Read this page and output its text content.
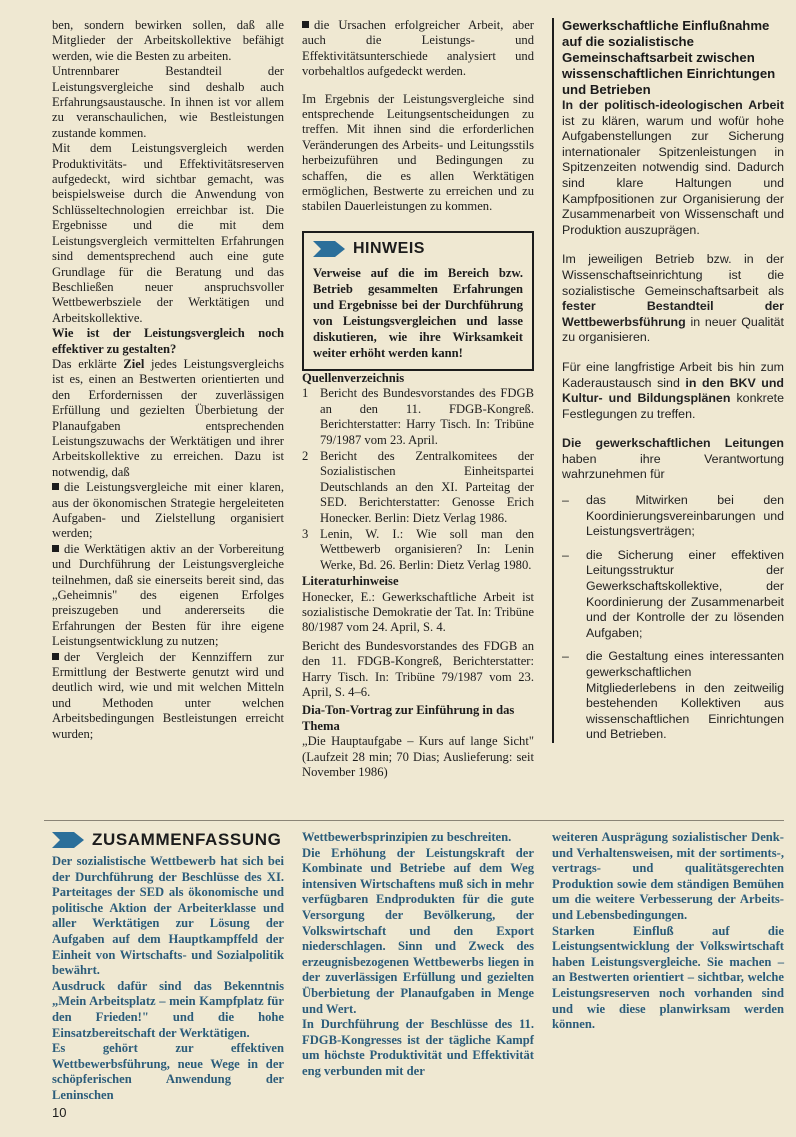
ben, sondern bewirken sollen, daß alle Mitglieder der Arbeitskollektive befähigt werden, wie die Besten zu arbeiten.

Untrennbarer Bestandteil der Leistungsvergleiche sind deshalb auch Erfahrungsaustausche. In ihnen ist vor allem zu veranschaulichen, wie Bestleistungen zustande kommen.

Mit dem Leistungsvergleich werden Produktivitäts- und Effektivitätsreserven aufgedeckt, wird sichtbar gemacht, was beispielsweise durch die Anwendung von Schlüsseltechnologien erreichbar ist. Die Ergebnisse und die mit dem Leistungsvergleich vermittelten Erfahrungen sind dementsprechend auch eine gute Grundlage für die Beratung und das Beschließen neuer anspruchsvoller Wettbewerbsziele der Werktätigen und Arbeitskollektive.

Wie ist der Leistungsvergleich noch effektiver zu gestalten?

Das erklärte Ziel jedes Leistungsvergleichs ist es, einen an Bestwerten orientierten und den Erfordernissen der zuverlässigen Erfüllung und gezielten Überbietung der Planaufgaben entsprechenden Leistungszuwachs der Werktätigen und ihrer Arbeitskollektive zu erreichen. Dazu ist notwendig, daß

die Leistungsvergleiche mit einer klaren, aus der ökonomischen Strategie hergeleiteten Aufgaben- und Zielstellung organisiert werden;
die Werktätigen aktiv an der Vorbereitung und Durchführung der Leistungsvergleiche teilnehmen, daß sie einerseits bereit sind, das „Geheimnis" des eigenen Erfolges preiszugeben und andererseits die Erfahrungen der Besten für ihre eigene Leistungsentwicklung zu nutzen;
der Vergleich der Kennziffern zur Ermittlung der Bestwerte genutzt wird und deutlich wird, wie und mit welchen Mitteln und Methoden unter welchen Arbeitsbedingungen Bestleistungen erreicht wurden;

die Ursachen erfolgreicher Arbeit, aber auch die Leistungs- und Effektivitätsunterschiede analysiert und vorbehaltlos aufgedeckt werden.

Im Ergebnis der Leistungsvergleiche sind entsprechende Leitungsentscheidungen zu treffen. Mit ihnen sind die erforderlichen Veränderungen des Arbeits- und Leitungsstils herbeizuführen und Bedingungen zu schaffen, die es allen Werktätigen ermöglichen, Bestwerte zu erreichen und zu stabilen Dauerleistungen zu kommen.

HINWEIS

Verweise auf die im Bereich bzw. Betrieb gesammelten Erfahrungen und Ergebnisse bei der Durchführung von Leistungsvergleichen und lasse diskutieren, wie ihre Wirksamkeit weiter erhöht werden kann!

Quellenverzeichnis

1 Bericht des Bundesvorstandes des FDGB an den 11. FDGB-Kongreß. Berichterstatter: Harry Tisch. In: Tribüne 79/1987 vom 23. April.
2 Bericht des Zentralkomitees der Sozialistischen Einheitspartei Deutschlands an den XI. Parteitag der SED. Berichterstatter: Genosse Erich Honecker. Berlin: Dietz Verlag 1986.
3 Lenin, W. I.: Wie soll man den Wettbewerb organisieren? In: Lenin Werke, Bd. 26. Berlin: Dietz Verlag 1980.

Literaturhinweise

Honecker, E.: Gewerkschaftliche Arbeit ist sozialistische Demokratie der Tat. In: Tribüne 80/1987 vom 24. April, S. 4.

Bericht des Bundesvorstandes des FDGB an den 11. FDGB-Kongreß, Berichterstatter: Harry Tisch. In: Tribüne 79/1987 vom 23. April, S. 4–6.

Dia-Ton-Vortrag zur Einführung in das Thema

„Die Hauptaufgabe – Kurs auf lange Sicht" (Laufzeit 28 min; 70 Dias; Auslieferung: seit November 1986)

Gewerkschaftliche Einflußnahme auf die sozialistische Gemeinschaftsarbeit zwischen wissenschaftlichen Einrichtungen und Betrieben

In der politisch-ideologischen Arbeit ist zu klären, warum und wofür hohe Aufgabenstellungen zur Sicherung internationaler Spitzenleistungen in Spitzenzeiten notwendig sind. Dadurch sind klare Haltungen und Kampfpositionen zur Organisierung der Zusammenarbeit von Wissenschaft und Produktion auszuprägen.

Im jeweiligen Betrieb bzw. in der Wissenschaftseinrichtung ist die sozialistische Gemeinschaftsarbeit als fester Bestandteil der Wettbewerbsführung in neuer Qualität zu organisieren.

Für eine langfristige Arbeit bis hin zum Kaderaustausch sind in den BKV und Kultur- und Bildungsplänen konkrete Festlegungen zu treffen.

Die gewerkschaftlichen Leitungen haben ihre Verantwortung wahrzunehmen für

–	das Mitwirken bei den Koordinierungsvereinbarungen und Leistungsverträgen;
–	die Sicherung einer effektiven Leitungsstruktur der Gewerkschaftskollektive, der Koordinierung der Zusammenarbeit und der Kontrolle der zu lösenden Aufgaben;
–	die Gestaltung eines interessanten gewerkschaftlichen Mitgliederlebens in den zeitweilig bestehenden Kollektiven aus wissenschaftlichen Einrichtungen und Betrieben.
ZUSAMMENFASSUNG

Der sozialistische Wettbewerb hat sich bei der Durchführung der Beschlüsse des XI. Parteitages der SED als ökonomische und politische Aktion der Arbeiterklasse und aller Werktätigen zur Lösung der Aufgaben auf dem Hauptkampffeld der Einheit von Wirtschafts- und Sozialpolitik bewährt.

Ausdruck dafür sind das Bekenntnis „Mein Arbeitsplatz – mein Kampfplatz für den Frieden!" und die hohe Einsatzbereitschaft der Werktätigen.

Es gehört zur effektiven Wettbewerbsführung, neue Wege in der schöpferischen Anwendung der Leninschen

Wettbewerbsprinzipien zu beschreiten.

Die Erhöhung der Leistungskraft der Kombinate und Betriebe auf dem Weg intensiven Wirtschaftens muß sich in mehr verfügbaren Endprodukten für die gute Versorgung der Bevölkerung, der Volkswirtschaft und den Export niederschlagen. Sinn und Zweck des erzeugnisbezogenen Wettbewerbs liegen in der zuverlässigen Erfüllung und gezielten Überbietung der Planaufgaben in Menge und Wert.

In Durchführung der Beschlüsse des 11. FDGB-Kongresses ist der tägliche Kampf um höchste Produktivität und Effektivität eng verbunden mit der

weiteren Ausprägung sozialistischer Denk- und Verhaltensweisen, mit der sortiments-, vertrags- und qualitätsgerechten Produktion sowie dem ständigen Bemühen um die weitere Verbesserung der Arbeits- und Lebensbedingungen.

Starken Einfluß auf die Leistungsentwicklung der Volkswirtschaft haben Leistungsvergleiche. Sie machen – an Bestwerten orientiert – sichtbar, welche Leistungsreserven noch vorhanden sind und wie diese planwirksam werden können.

10
